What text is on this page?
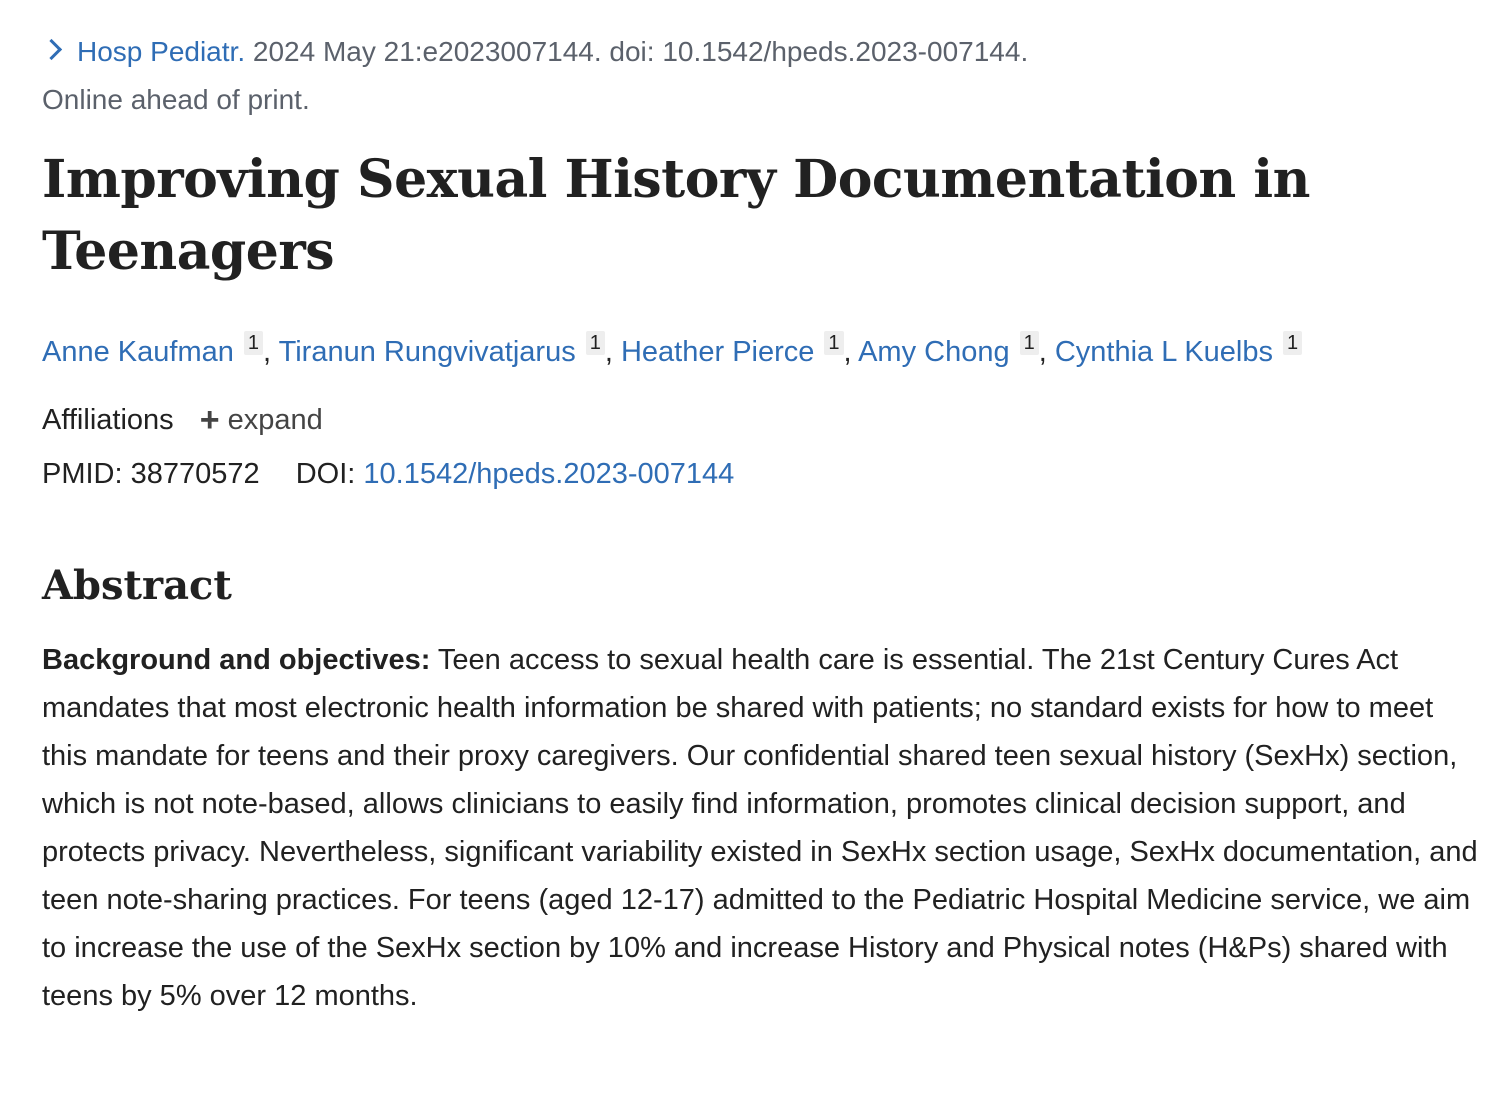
Hosp Pediatr. 2024 May 21:e2023007144. doi: 10.1542/hpeds.2023-007144.
Online ahead of print.
Improving Sexual History Documentation in Teenagers
Anne Kaufman 1 , Tiranun Rungvivatjarus 1 , Heather Pierce 1 , Amy Chong 1 , Cynthia L Kuelbs 1
Affiliations + expand
PMID: 38770572 DOI: 10.1542/hpeds.2023-007144
Abstract
Background and objectives: Teen access to sexual health care is essential. The 21st Century Cures Act mandates that most electronic health information be shared with patients; no standard exists for how to meet this mandate for teens and their proxy caregivers. Our confidential shared teen sexual history (SexHx) section, which is not note-based, allows clinicians to easily find information, promotes clinical decision support, and protects privacy. Nevertheless, significant variability existed in SexHx section usage, SexHx documentation, and teen note-sharing practices. For teens (aged 12-17) admitted to the Pediatric Hospital Medicine service, we aim to increase the use of the SexHx section by 10% and increase History and Physical notes (H&Ps) shared with teens by 5% over 12 months.
